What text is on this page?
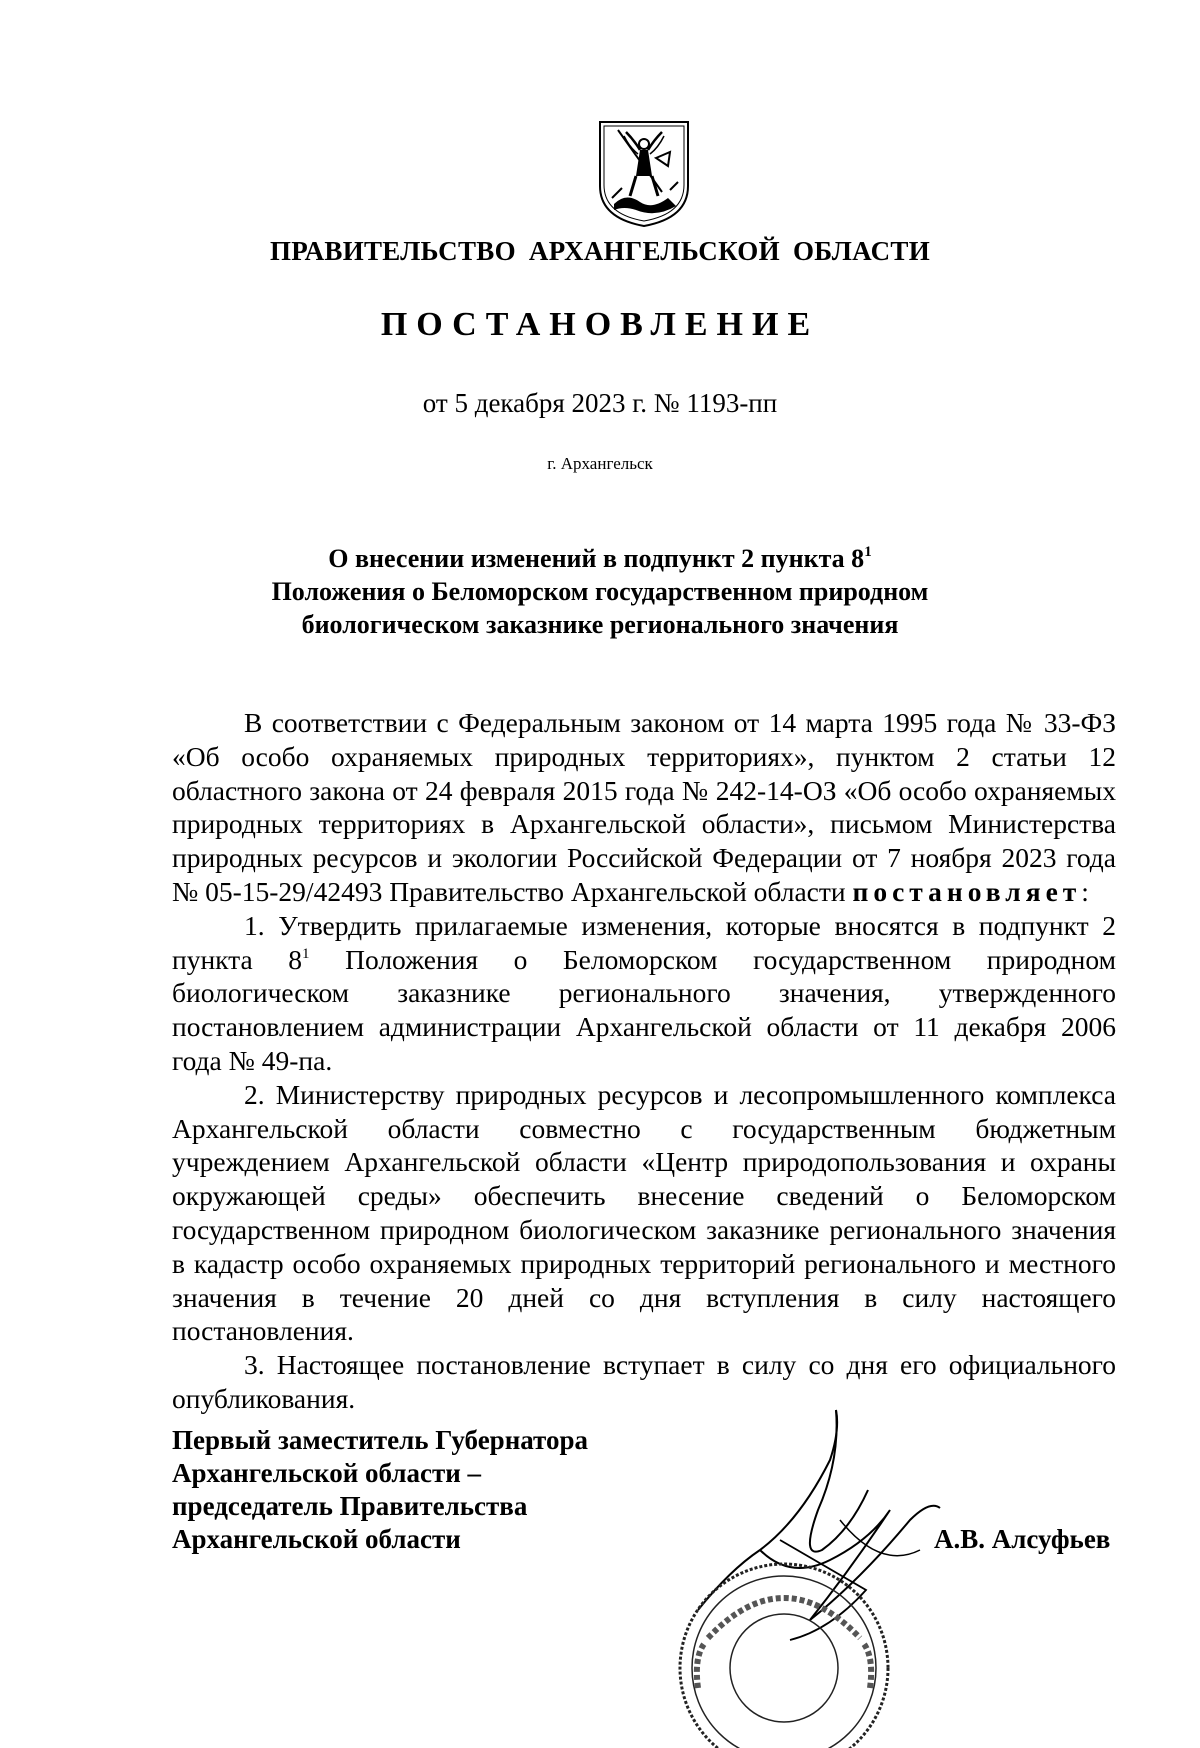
ПРАВИТЕЛЬСТВО АРХАНГЕЛЬСКОЙ ОБЛАСТИ
ПОСТАНОВЛЕНИЕ
от 5 декабря 2023 г. № 1193-пп
г. Архангельск
О внесении изменений в подпункт 2 пункта $8^1$
Положения о Беломорском государственном природном
биологическом заказнике регионального значения

В соответствии с Федеральным законом от 14 марта 1995 года № 33-ФЗ «Об особо охраняемых природных территориях», пунктом 2 статьи 12 областного закона от 24 февраля 2015 года № 242-14-ОЗ «Об особо охраняемых природных территориях в Архангельской области», письмом Министерства природных ресурсов и экологии Российской Федерации от 7 ноября 2023 года № 05-15-29/42493 Правительство Архангельской области постановляет:

1. Утвердить прилагаемые изменения, которые вносятся в подпункт 2 пункта $8^1$ Положения о Беломорском государственном природном биологическом заказнике регионального значения, утвержденного постановлением администрации Архангельской области от 11 декабря 2006 года № 49-па.

2. Министерству природных ресурсов и лесопромышленного комплекса Архангельской области совместно с государственным бюджетным учреждением Архангельской области «Центр природопользования и охраны окружающей среды» обеспечить внесение сведений о Беломорском государственном природном биологическом заказнике регионального значения в кадастр особо охраняемых природных территорий регионального и местного значения в течение 20 дней со дня вступления в силу настоящего постановления.

3. Настоящее постановление вступает в силу со дня его официального опубликования.

Первый заместитель Губернатора
Архангельской области –
председатель Правительства
Архангельской области	А.В. Алсуфьев
